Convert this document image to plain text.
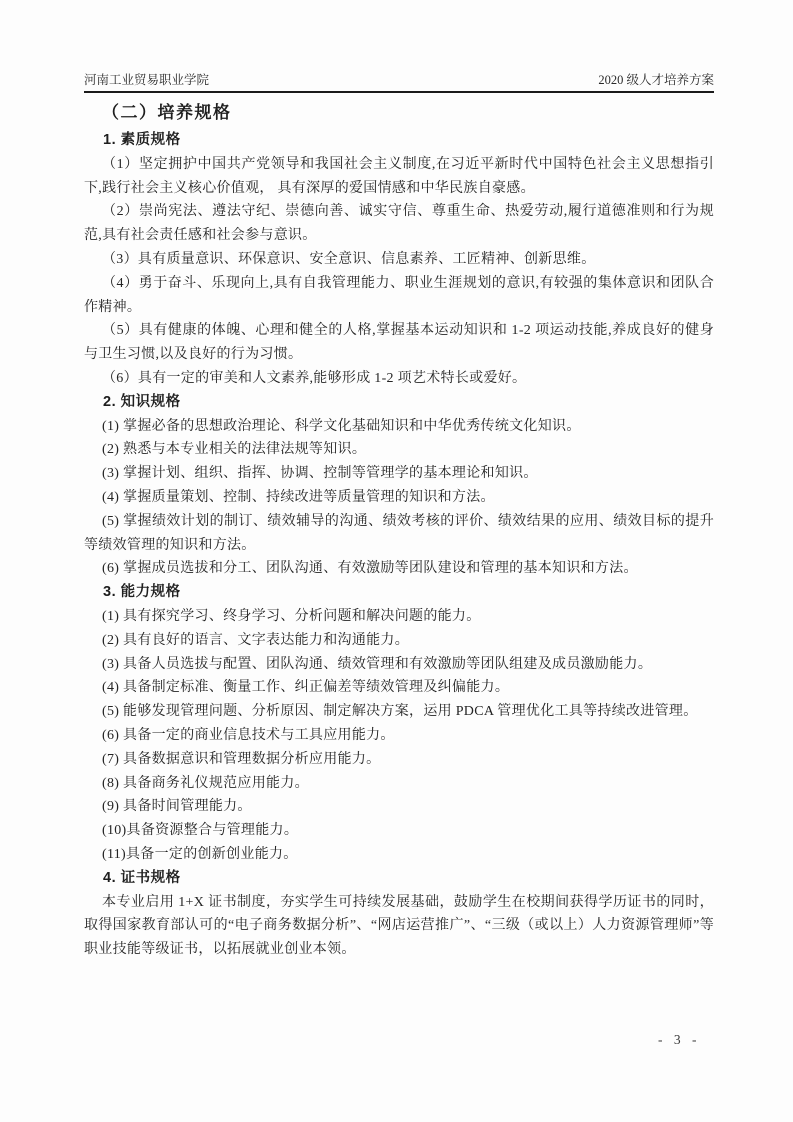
河南工业贸易职业学院	2020 级人才培养方案
（二）培养规格
1. 素质规格

（1）坚定拥护中国共产党领导和我国社会主义制度,在习近平新时代中国特色社会主义思想指引下,践行社会主义核心价值观， 具有深厚的爱国情感和中华民族自豪感。

（2）崇尚宪法、遵法守纪、崇德向善、诚实守信、尊重生命、热爱劳动,履行道德准则和行为规范,具有社会责任感和社会参与意识。

（3）具有质量意识、环保意识、安全意识、信息素养、工匠精神、创新思维。

（4）勇于奋斗、乐现向上,具有自我管理能力、职业生涯规划的意识,有较强的集体意识和团队合作精神。

（5）具有健康的体魄、心理和健全的人格,掌握基本运动知识和 1-2 项运动技能,养成良好的健身与卫生习惯,以及良好的行为习惯。

（6）具有一定的审美和人文素养,能够形成 1-2 项艺术特长或爱好。

2. 知识规格

(1) 掌握必备的思想政治理论、科学文化基础知识和中华优秀传统文化知识。

(2) 熟悉与本专业相关的法律法规等知识。

(3) 掌握计划、组织、指挥、协调、控制等管理学的基本理论和知识。

(4) 掌握质量策划、控制、持续改进等质量管理的知识和方法。

(5) 掌握绩效计划的制订、绩效辅导的沟通、绩效考核的评价、绩效结果的应用、绩效目标的提升等绩效管理的知识和方法。

(6) 掌握成员选拔和分工、团队沟通、有效激励等团队建设和管理的基本知识和方法。

3. 能力规格

(1) 具有探究学习、终身学习、分析问题和解决问题的能力。

(2) 具有良好的语言、文字表达能力和沟通能力。

(3) 具备人员选拔与配置、团队沟通、绩效管理和有效激励等团队组建及成员激励能力。

(4) 具备制定标准、衡量工作、纠正偏差等绩效管理及纠偏能力。

(5) 能够发现管理问题、分析原因、制定解决方案，运用 PDCA 管理优化工具等持续改进管理。

(6) 具备一定的商业信息技术与工具应用能力。

(7) 具备数据意识和管理数据分析应用能力。

(8) 具备商务礼仪规范应用能力。

(9) 具备时间管理能力。

(10)具备资源整合与管理能力。

(11)具备一定的创新创业能力。

4. 证书规格

本专业启用 1+X 证书制度，夯实学生可持续发展基础，鼓励学生在校期间获得学历证书的同时，取得国家教育部认可的“电子商务数据分析”、“网店运营推广”、“三级（或以上）人力资源管理师”等职业技能等级证书，以拓展就业创业本领。

- 3 -
